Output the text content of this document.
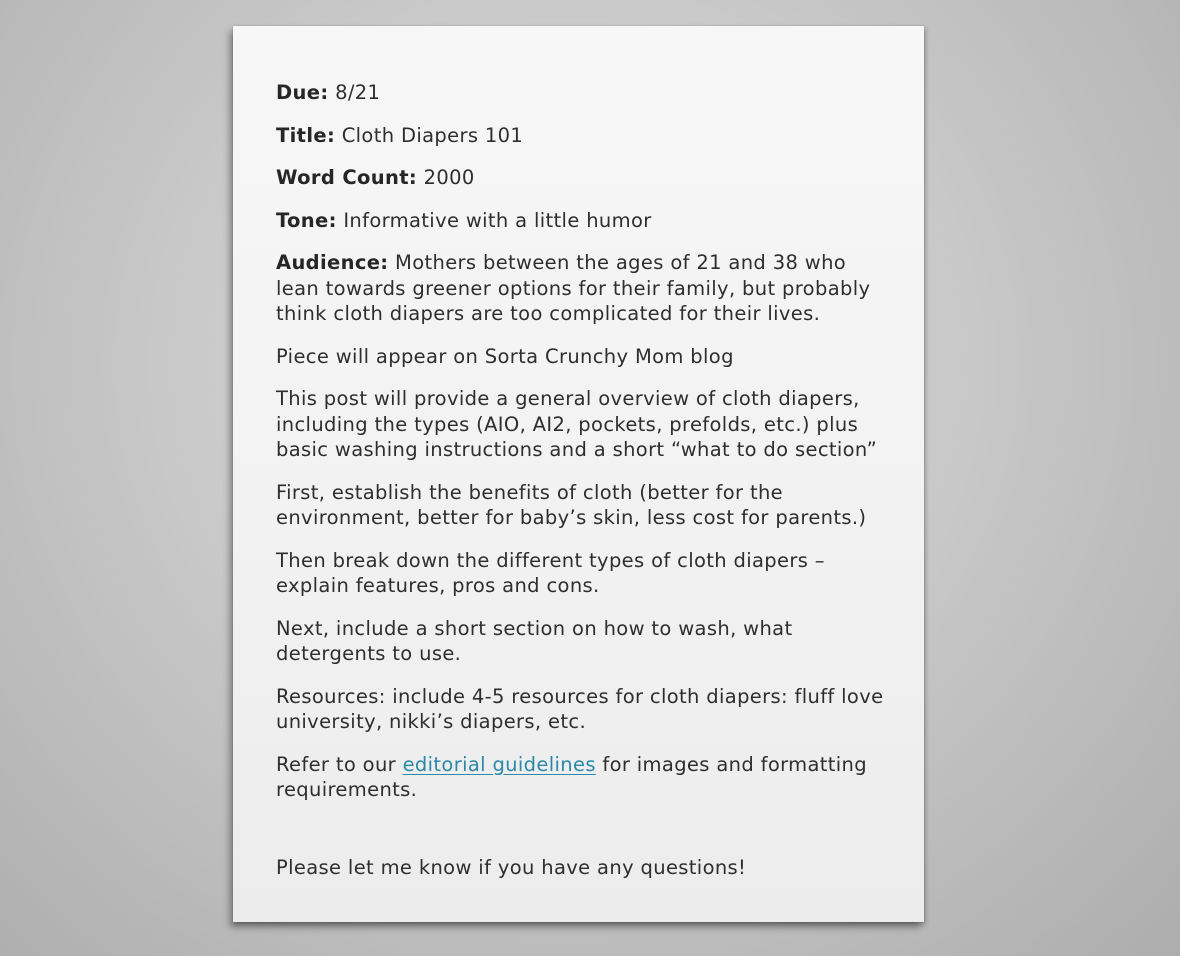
Due: 8/21

Title: Cloth Diapers 101

Word Count: 2000

Tone: Informative with a little humor

Audience: Mothers between the ages of 21 and 38 who lean towards greener options for their family, but probably think cloth diapers are too complicated for their lives.

Piece will appear on Sorta Crunchy Mom blog

This post will provide a general overview of cloth diapers, including the types (AIO, AI2, pockets, prefolds, etc.) plus basic washing instructions and a short “what to do section”

First, establish the benefits of cloth (better for the environment, better for baby’s skin, less cost for parents.)

Then break down the different types of cloth diapers – explain features, pros and cons.

Next, include a short section on how to wash, what detergents to use.

Resources: include 4-5 resources for cloth diapers: fluff love university, nikki’s diapers, etc.

Refer to our editorial guidelines for images and formatting requirements.

Please let me know if you have any questions!
